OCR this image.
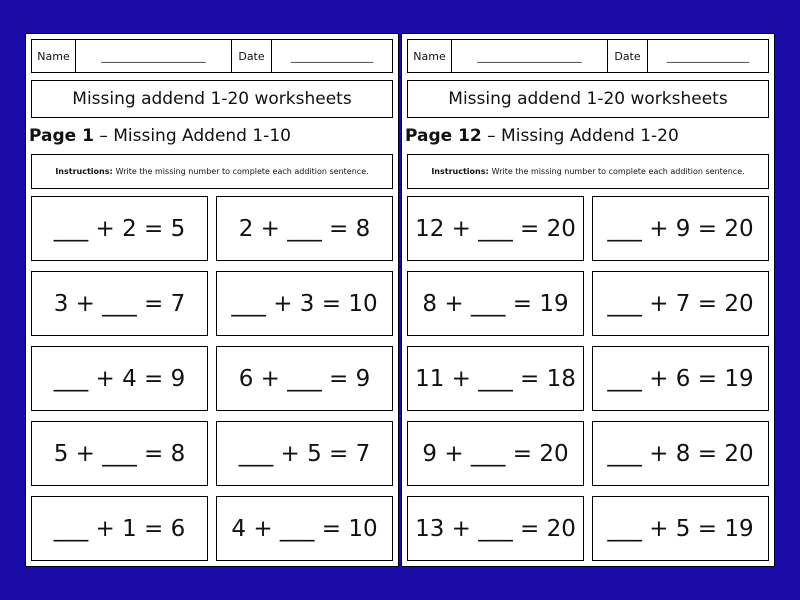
Name	___________________	Date	_______________
Missing addend 1-20 worksheets
Page 1 – Missing Addend 1-10
Instructions: Write the missing number to complete each addition sentence.
___ + 2 = 5	2 + ___ = 8
3 + ___ = 7	___ + 3 = 10
___ + 4 = 9	6 + ___ = 9
5 + ___ = 8	___ + 5 = 7
___ + 1 = 6	4 + ___ = 10
Name	___________________	Date	_______________
Missing addend 1-20 worksheets
Page 12 – Missing Addend 1-20
Instructions: Write the missing number to complete each addition sentence.
12 + ___ = 20	___ + 9 = 20
8 + ___ = 19	___ + 7 = 20
11 + ___ = 18	___ + 6 = 19
9 + ___ = 20	___ + 8 = 20
13 + ___ = 20	___ + 5 = 19
